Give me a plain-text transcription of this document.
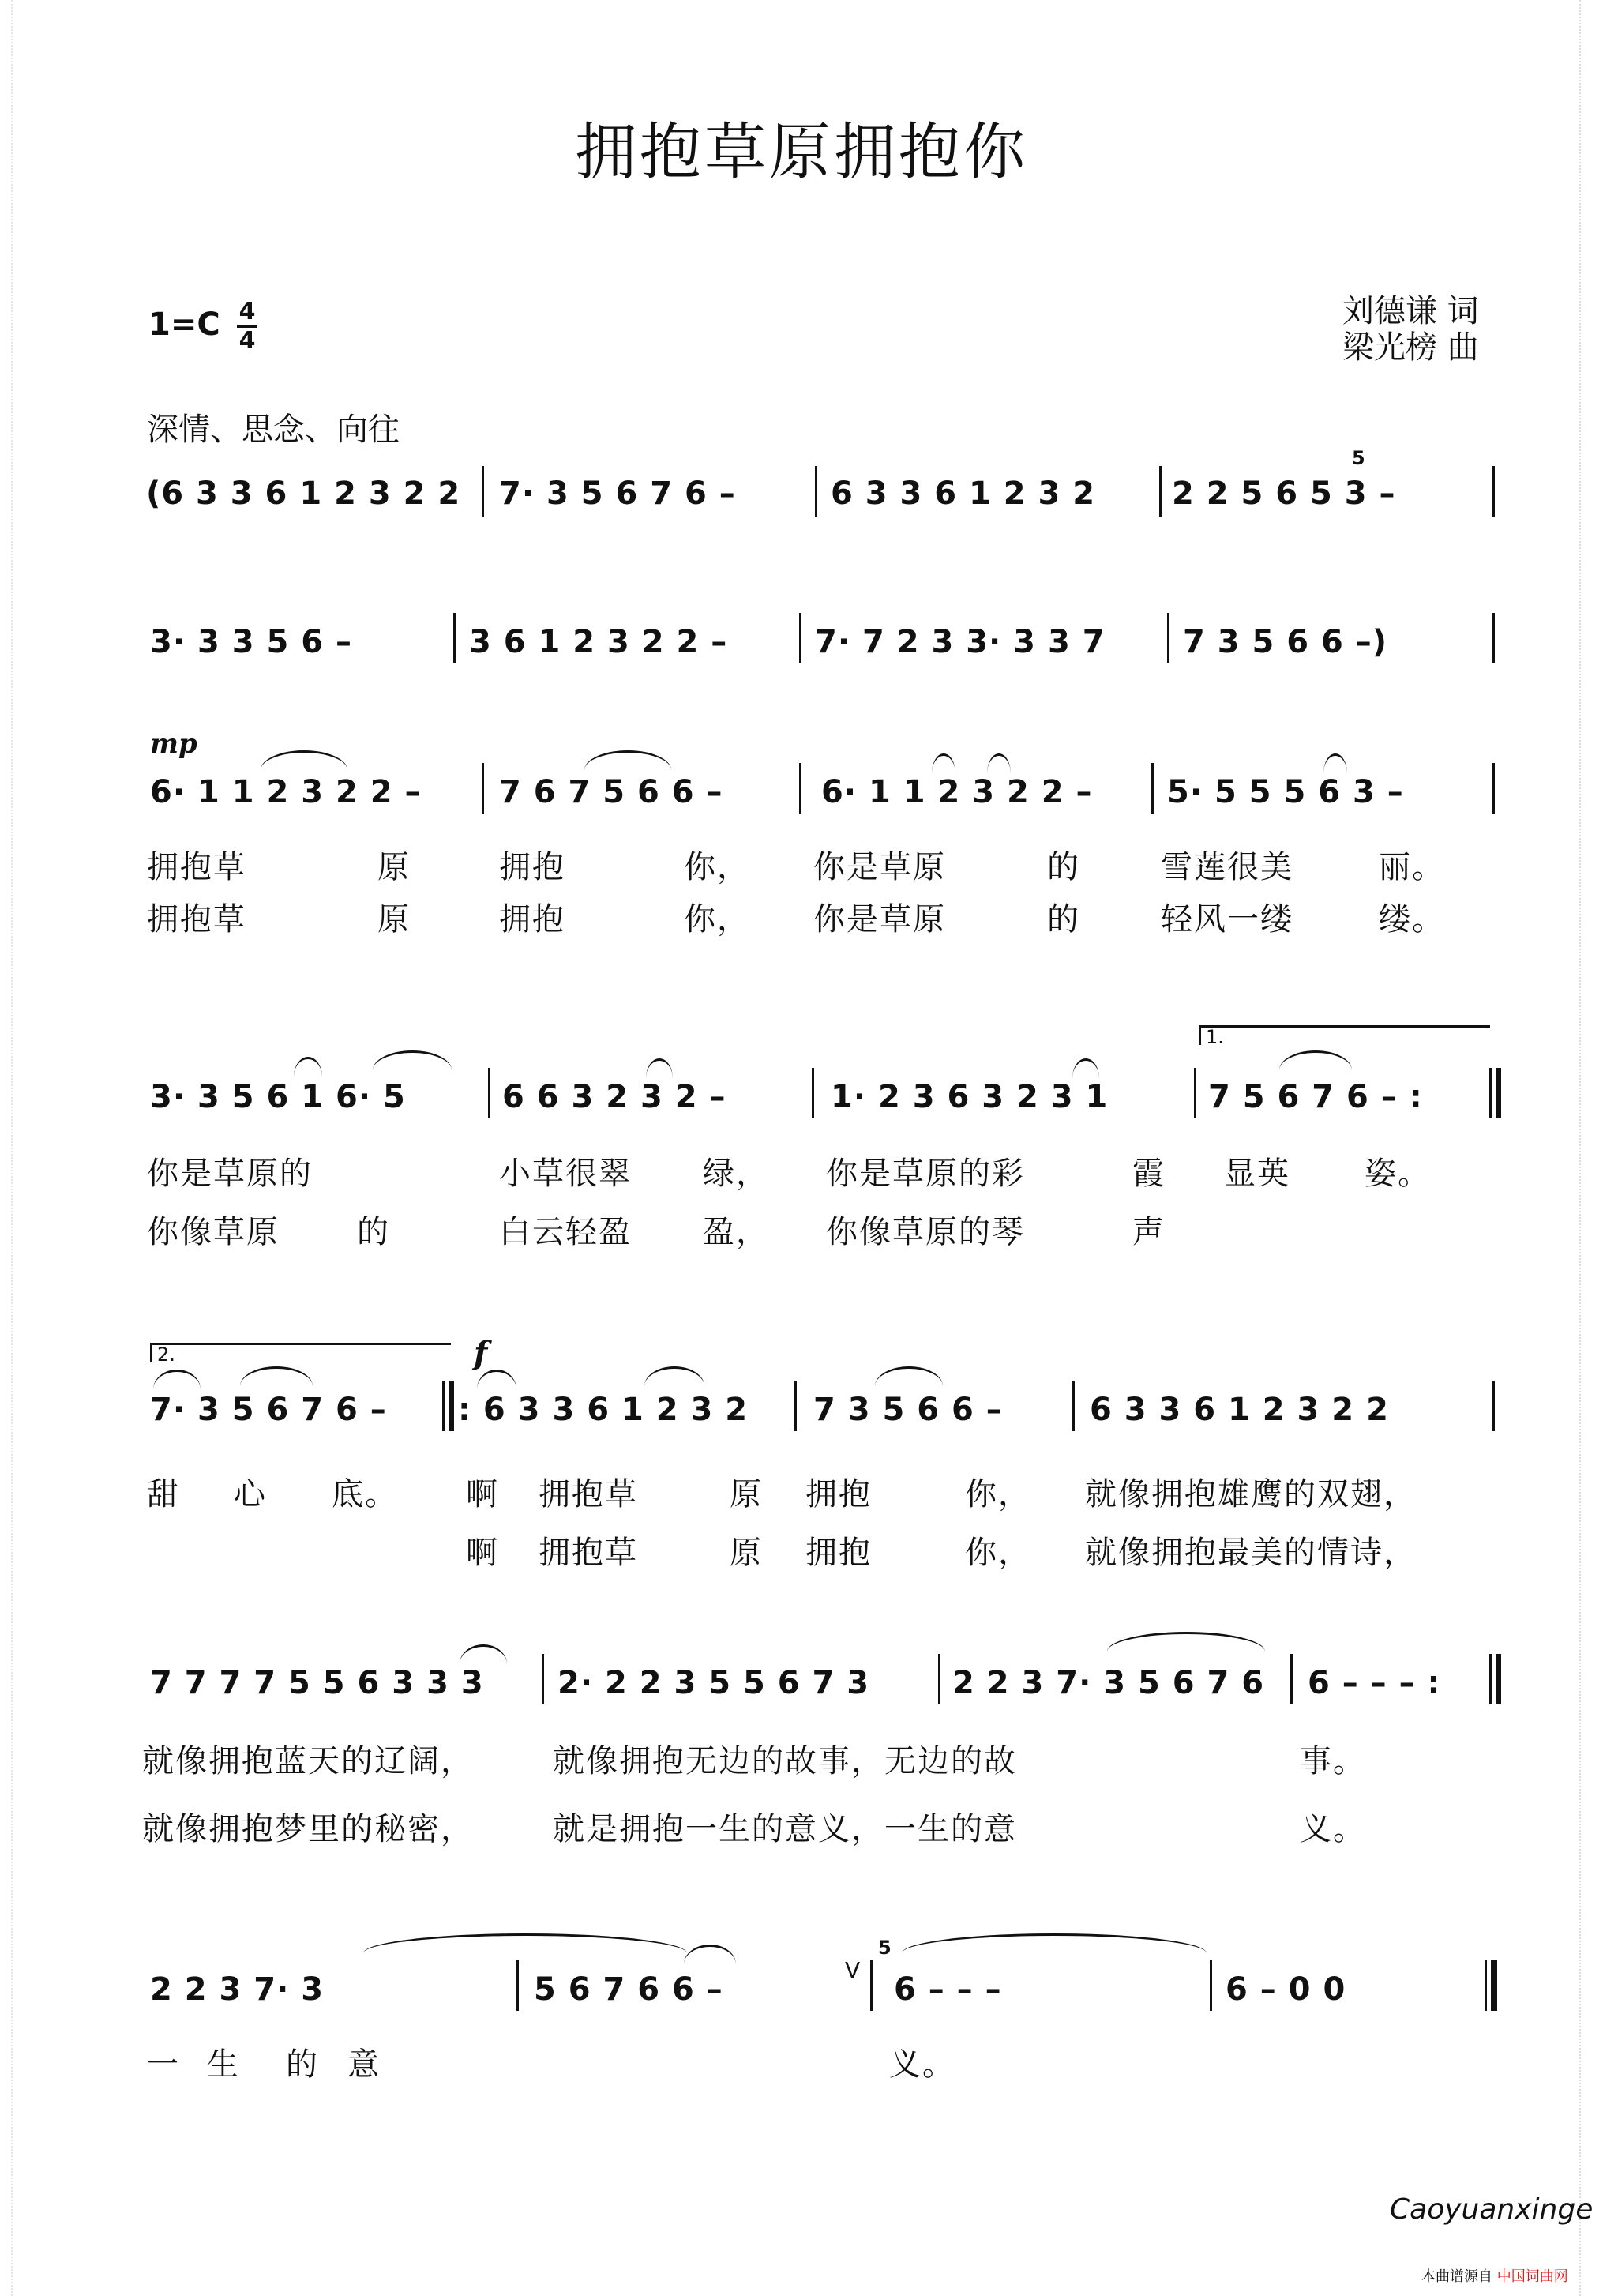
拥抱草原拥抱你
1=C 4
4
刘德谦 词
梁光榜 曲
深情、思念、向往
(6 3 3 6 1 2 3 2 2 7· 3 5 6 7 6 –	6 3 3 6 1 2 3 2 2 2 5 6 5 3 –
5
3· 3 3 5 6 –	3 6 1 2 3 2 2 –	7· 7 2 3 3· 3 3 7 7 3 5 6 6 –)
mp
6· 1 1 2 3 2 2 – 7 6 7 5 6 6 –	6· 1 1 2 3 2 2 – 5· 5 5 5 6 3 –
拥抱草	原	拥抱	你， 你是草原	的	雪莲很美	丽。
拥抱草	原	拥抱	你， 你是草原	的	轻风一缕	缕。
1.
3· 3 5 6 1 6· 5	6 6 3 2 3 2 –	1· 2 3 6 3 2 3 1	7 5 6 7 6 – :
你是草原的	小草很翠 绿， 你是草原的彩	霞 显英 姿。
你像草原 的	白云轻盈 盈， 你像草原的琴	声
2.	f
7· 3 5 6 7 6 – : 6 3 3 6 1 2 3 2 7 3 5 6 6 –	6 3 3 6 1 2 3 2 2
甜 心 底。 啊 拥抱草	原 拥抱	你， 就像拥抱雄鹰的双翅，
啊 拥抱草	原 拥抱	你， 就像拥抱最美的情诗，
7 7 7 7 5 5 6 3 3 3 2· 2 2 3 5 5 6 7 3	2 2 3 7· 3 5 6 7 6 6 – – – :
就像拥抱蓝天的辽阔，	就像拥抱无边的故事，无边的故	事。
就像拥抱梦里的秘密，	就是拥抱一生的意义，一生的意	义。
2 2 3 7· 3	5 6 7 6 6 –
V
5
6 – – –	6 – 0 0
一 生 的 意	义。
Caoyuanxinge
本曲谱源自 中国词曲网
